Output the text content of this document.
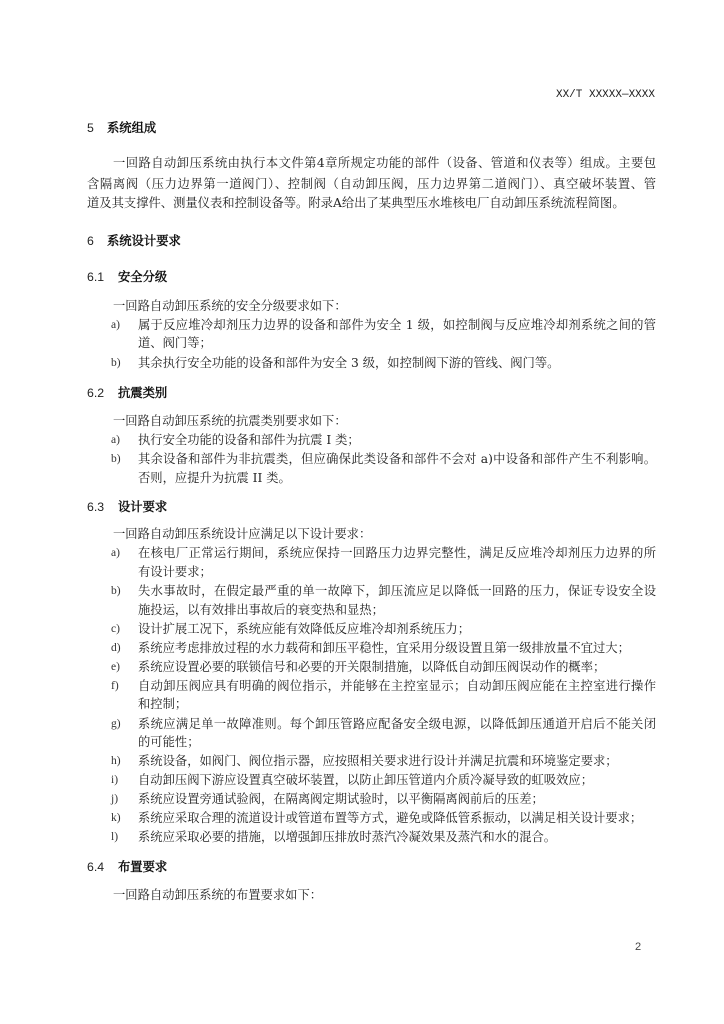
XX/T XXXXX—XXXX
5 系统组成
一回路自动卸压系统由执行本文件第4章所规定功能的部件（设备、管道和仪表等）组成。主要包
含隔离阀（压力边界第一道阀门）、控制阀（自动卸压阀，压力边界第二道阀门）、真空破坏装置、管
道及其支撑件、测量仪表和控制设备等。附录A给出了某典型压水堆核电厂自动卸压系统流程简图。
6 系统设计要求
6.1 安全分级
一回路自动卸压系统的安全分级要求如下：
a) 属于反应堆冷却剂压力边界的设备和部件为安全 1 级，如控制阀与反应堆冷却剂系统之间的管
道、阀门等；
b) 其余执行安全功能的设备和部件为安全 3 级，如控制阀下游的管线、阀门等。
6.2 抗震类别
一回路自动卸压系统的抗震类别要求如下：
a) 执行安全功能的设备和部件为抗震 I 类；
b) 其余设备和部件为非抗震类，但应确保此类设备和部件不会对 a)中设备和部件产生不利影响。
否则，应提升为抗震 II 类。
6.3 设计要求
一回路自动卸压系统设计应满足以下设计要求：
a) 在核电厂正常运行期间，系统应保持一回路压力边界完整性，满足反应堆冷却剂压力边界的所
有设计要求；
b) 失水事故时，在假定最严重的单一故障下，卸压流应足以降低一回路的压力，保证专设安全设
施投运，以有效排出事故后的衰变热和显热；
c) 设计扩展工况下，系统应能有效降低反应堆冷却剂系统压力；
d) 系统应考虑排放过程的水力载荷和卸压平稳性，宜采用分级设置且第一级排放量不宜过大；
e) 系统应设置必要的联锁信号和必要的开关限制措施，以降低自动卸压阀误动作的概率；
f) 自动卸压阀应具有明确的阀位指示，并能够在主控室显示；自动卸压阀应能在主控室进行操作
和控制；
g) 系统应满足单一故障准则。每个卸压管路应配备安全级电源，以降低卸压通道开启后不能关闭
的可能性；
h) 系统设备，如阀门、阀位指示器，应按照相关要求进行设计并满足抗震和环境鉴定要求；
i) 自动卸压阀下游应设置真空破坏装置，以防止卸压管道内介质冷凝导致的虹吸效应；
j) 系统应设置旁通试验阀，在隔离阀定期试验时，以平衡隔离阀前后的压差；
k) 系统应采取合理的流道设计或管道布置等方式，避免或降低管系振动，以满足相关设计要求；
l) 系统应采取必要的措施，以增强卸压排放时蒸汽冷凝效果及蒸汽和水的混合。
6.4 布置要求
一回路自动卸压系统的布置要求如下：
2
